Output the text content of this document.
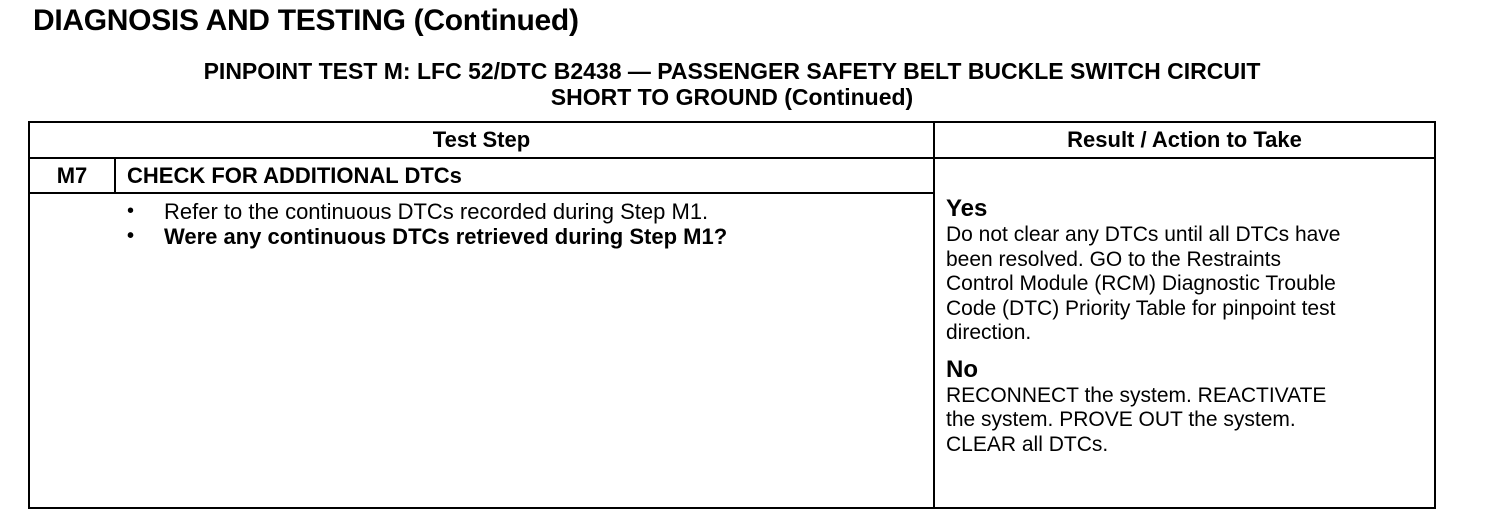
DIAGNOSIS AND TESTING (Continued)
PINPOINT TEST M: LFC 52/DTC B2438 — PASSENGER SAFETY BELT BUCKLE SWITCH CIRCUIT
SHORT TO GROUND (Continued)
Test Step	Result / Action to Take
M7	CHECK FOR ADDITIONAL DTCs
• Refer to the continuous DTCs recorded during Step M1.
• Were any continuous DTCs retrieved during Step M1?
Yes
Do not clear any DTCs until all DTCs have
been resolved. GO to the Restraints
Control Module (RCM) Diagnostic Trouble
Code (DTC) Priority Table for pinpoint test
direction.
No
RECONNECT the system. REACTIVATE
the system. PROVE OUT the system.
CLEAR all DTCs.
